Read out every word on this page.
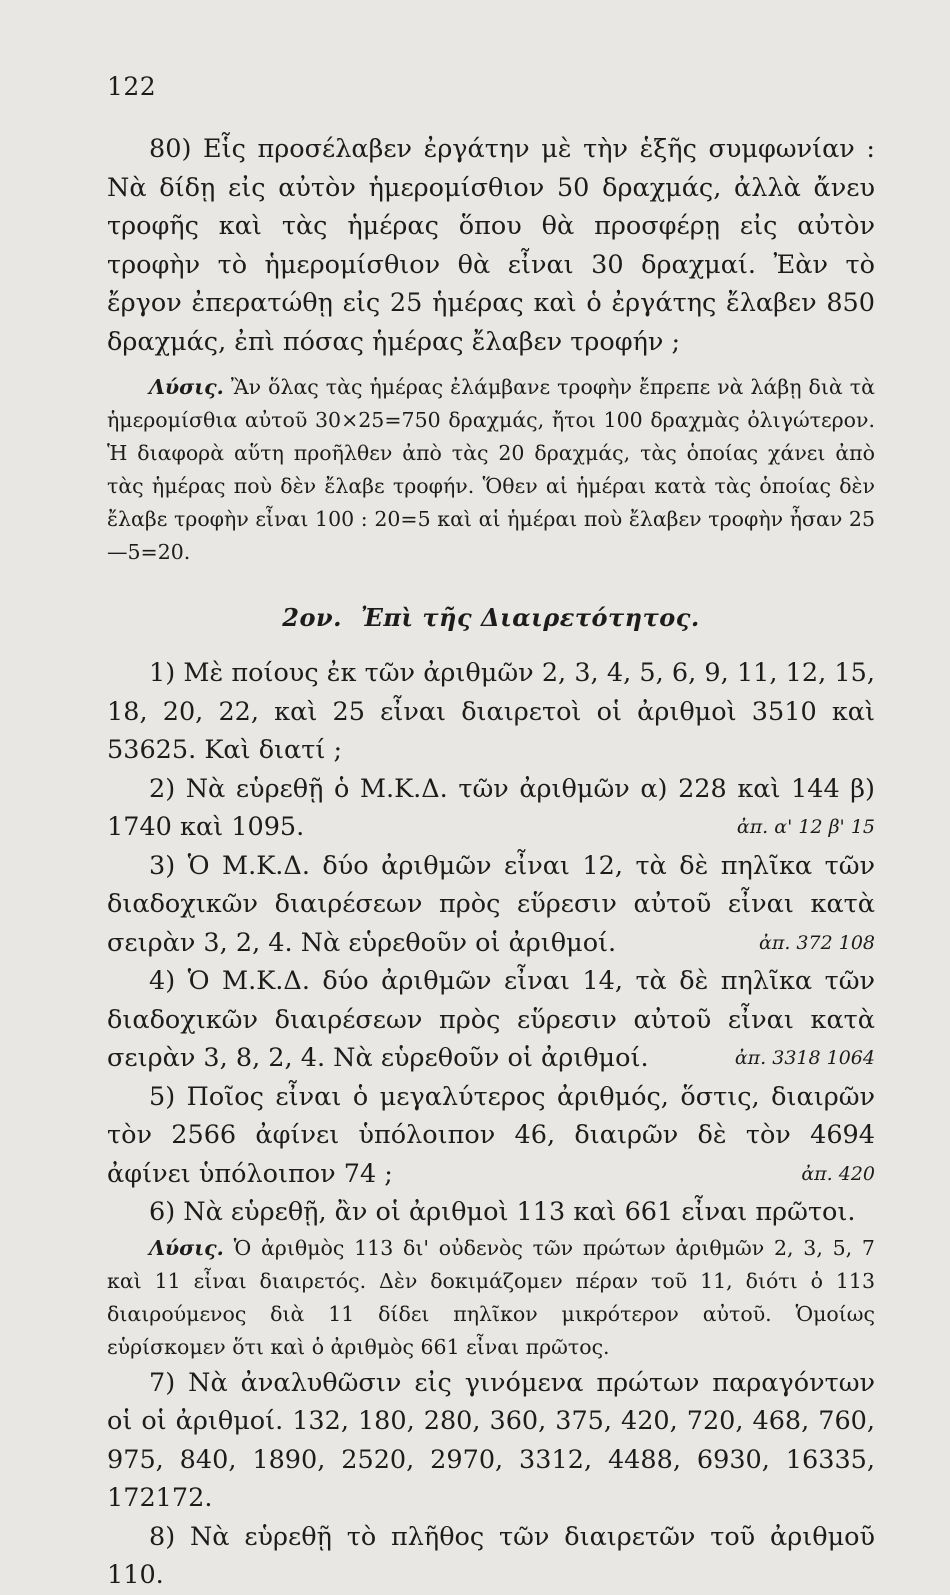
122

80) Εἷς προσέλαβεν ἐργάτην μὲ τὴν ἑξῆς συμφωνίαν : Νὰ δίδῃ εἰς αὐτὸν ἡμερομίσθιον 50 δραχμάς, ἀλλὰ ἄνευ τροφῆς καὶ τὰς ἡμέρας ὅπου θὰ προσφέρῃ εἰς αὐτὸν τροφὴν τὸ ἡμερομίσθιον θὰ εἶναι 30 δραχμαί. Ἐὰν τὸ ἔργον ἐπερατώθῃ εἰς 25 ἡμέρας καὶ ὁ ἐργάτης ἔλαβεν 850 δραχμάς, ἐπὶ πόσας ἡμέρας ἔλαβεν τροφήν ;

Λύσις. Ἂν ὅλας τὰς ἡμέρας ἐλάμβανε τροφὴν ἔπρεπε νὰ λάβῃ διὰ τὰ ἡμερομίσθια αὐτοῦ 30×25=750 δραχμάς, ἤτοι 100 δραχμὰς ὀλιγώτερον. Ἡ διαφορὰ αὕτη προῆλθεν ἀπὸ τὰς 20 δραχμάς, τὰς ὁποίας χάνει ἀπὸ τὰς ἡμέρας ποὺ δὲν ἔλαβε τροφήν. Ὅθεν αἱ ἡμέραι κατὰ τὰς ὁποίας δὲν ἔλαβε τροφὴν εἶναι 100 : 20=5 καὶ αἱ ἡμέραι ποὺ ἔλαβεν τροφὴν ἦσαν 25—5=20.

2ον. Ἐπὶ τῆς Διαιρετότητος.

1) Μὲ ποίους ἐκ τῶν ἀριθμῶν 2, 3, 4, 5, 6, 9, 11, 12, 15, 18, 20, 22, καὶ 25 εἶναι διαιρετοὶ οἱ ἀριθμοὶ 3510 καὶ 53625. Καὶ διατί ;

2) Νὰ εὑρεθῇ ὁ Μ.Κ.Δ. τῶν ἀριθμῶν α) 228 καὶ 144 β) 1740 καὶ 1095.	ἀπ. α' 12 β' 15

3) Ὁ Μ.Κ.Δ. δύο ἀριθμῶν εἶναι 12, τὰ δὲ πηλῖκα τῶν διαδοχικῶν διαιρέσεων πρὸς εὕρεσιν αὐτοῦ εἶναι κατὰ σειρὰν 3, 2, 4. Νὰ εὑρεθοῦν οἱ ἀριθμοί.	ἀπ. 372 108

4) Ὁ Μ.Κ.Δ. δύο ἀριθμῶν εἶναι 14, τὰ δὲ πηλῖκα τῶν διαδοχικῶν διαιρέσεων πρὸς εὕρεσιν αὐτοῦ εἶναι κατὰ σειρὰν 3, 8, 2, 4. Νὰ εὑρεθοῦν οἱ ἀριθμοί.	ἀπ. 3318 1064

5) Ποῖος εἶναι ὁ μεγαλύτερος ἀριθμός, ὅστις, διαιρῶν τὸν 2566 ἀφίνει ὑπόλοιπον 46, διαιρῶν δὲ τὸν 4694 ἀφίνει ὑπόλοιπον 74 ;	ἀπ. 420

6) Νὰ εὑρεθῇ, ἂν οἱ ἀριθμοὶ 113 καὶ 661 εἶναι πρῶτοι.

Λύσις. Ὁ ἀριθμὸς 113 δι' οὐδενὸς τῶν πρώτων ἀριθμῶν 2, 3, 5, 7 καὶ 11 εἶναι διαιρετός. Δὲν δοκιμάζομεν πέραν τοῦ 11, διότι ὁ 113 διαιρούμενος διὰ 11 δίδει πηλῖκον μικρότερον αὐτοῦ. Ὁμοίως εὑρίσκομεν ὅτι καὶ ὁ ἀριθμὸς 661 εἶναι πρῶτος.

7) Νὰ ἀναλυθῶσιν εἰς γινόμενα πρώτων παραγόντων οἱ οἱ ἀριθμοί. 132, 180, 280, 360, 375, 420, 720, 468, 760, 975, 840, 1890, 2520, 2970, 3312, 4488, 6930, 16335, 172172.

8) Νὰ εὑρεθῇ τὸ πλῆθος τῶν διαιρετῶν τοῦ ἀριθμοῦ 110.
